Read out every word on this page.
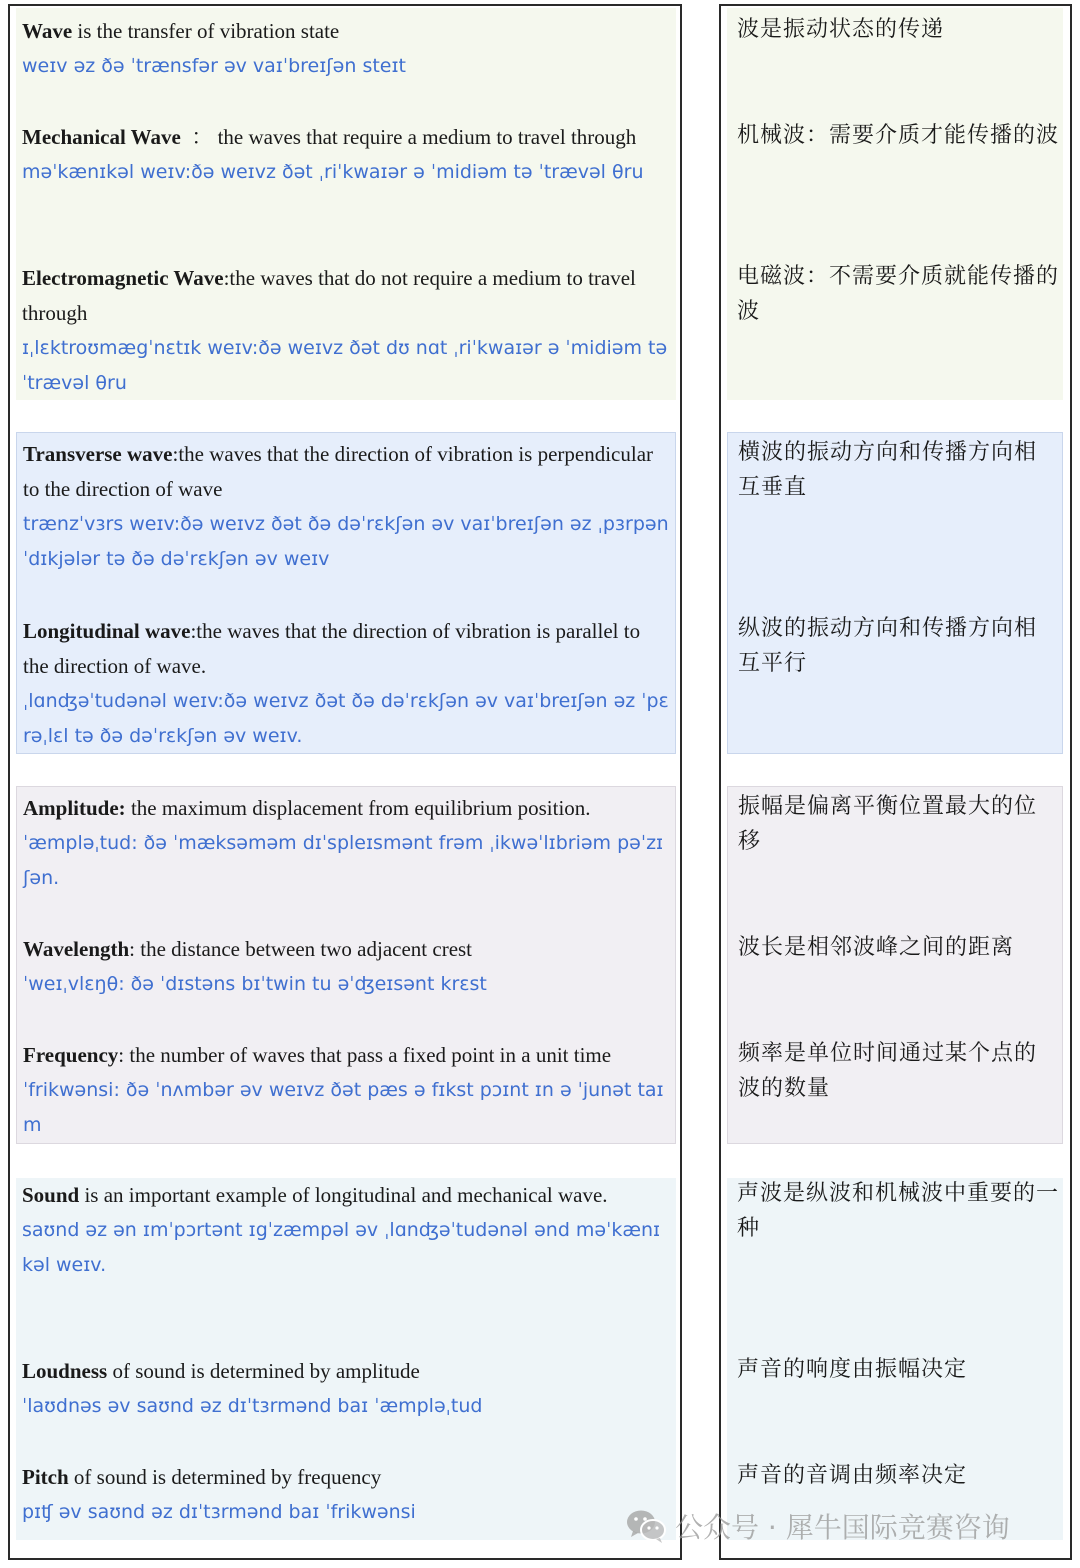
Wave is the transfer of vibration state

weɪv əz ðə ˈtrænsfər əv vaɪˈbreɪʃən steɪt

Mechanical Wave  ： the waves that require a medium to travel through

məˈkænɪkəl weɪv:ðə weɪvz ðət ˌriˈkwaɪər ə ˈmidiəm tə ˈtrævəl θru

Electromagnetic Wave:the waves that do not require a medium to travel through

ɪˌlɛktroʊmægˈnɛtɪk weɪv:ðə weɪvz ðət dʊ nɑt ˌriˈkwaɪər ə ˈmidiəm tə ˈtrævəl θru

Transverse wave:the waves that the direction of vibration is perpendicular to the direction of wave

trænzˈvɜrs weɪv:ðə weɪvz ðət ðə dəˈrɛkʃən əv vaɪˈbreɪʃən əz ˌpɜrpənˈdɪkjələr tə ðə dəˈrɛkʃən əv weɪv

Longitudinal wave:the waves that the direction of vibration is parallel to the direction of wave.

ˌlɑnʤəˈtudənəl weɪv:ðə weɪvz ðət ðə dəˈrɛkʃən əv vaɪˈbreɪʃən əz ˈpɛrəˌlɛl tə ðə dəˈrɛkʃən əv weɪv.

Amplitude: the maximum displacement from equilibrium position.

ˈæmpləˌtud: ðə ˈmæksəməm dɪˈspleɪsmənt frəm ˌikwəˈlɪbriəm pəˈzɪʃən.

Wavelength: the distance between two adjacent crest

ˈweɪˌvlɛŋθ: ðə ˈdɪstəns bɪˈtwin tu əˈʤeɪsənt krɛst

Frequency: the number of waves that pass a fixed point in a unit time

ˈfrikwənsi: ðə ˈnʌmbər əv weɪvz ðət pæs ə fɪkst pɔɪnt ɪn ə ˈjunət taɪm

Sound is an important example of longitudinal and mechanical wave.

saʊnd əz ən ɪmˈpɔrtənt ɪgˈzæmpəl əv ˌlɑnʤəˈtudənəl ənd məˈkænɪkəl weɪv.

Loudness of sound is determined by amplitude

ˈlaʊdnəs əv saʊnd əz dɪˈtɜrmənd baɪ ˈæmpləˌtud

Pitch of sound is determined by frequency

pɪʧ əv saʊnd əz dɪˈtɜrmənd baɪ ˈfrikwənsi

波是振动状态的传递

机械波：需要介质才能传播的波

电磁波：不需要介质就能传播的波

横波的振动方向和传播方向相互垂直

纵波的振动方向和传播方向相互平行

振幅是偏离平衡位置最大的位移

波长是相邻波峰之间的距离

频率是单位时间通过某个点的波的数量

声波是纵波和机械波中重要的一种

声音的响度由振幅决定

声音的音调由频率决定

公众号 · 犀牛国际竞赛咨询
